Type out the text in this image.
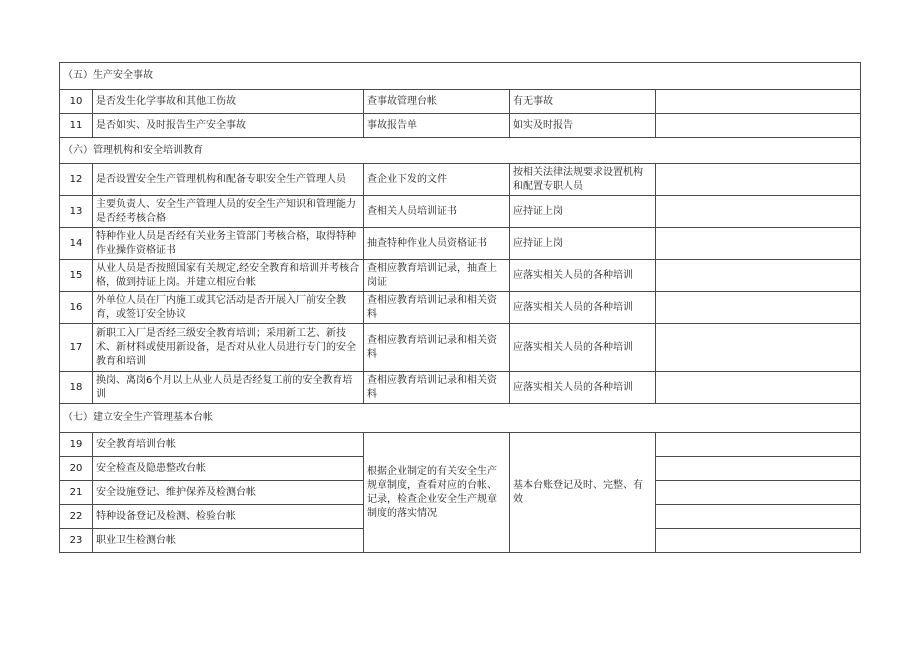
（五）生产安全事故				
10	是否发生化学事故和其他工伤故	查事故管理台帐	有无事故	
11	是否如实、及时报告生产安全事故	事故报告单	如实及时报告	
（六）管理机构和安全培训教育				
12	是否设置安全生产管理机构和配备专职安全生产管理人员	查企业下发的文件	按相关法律法规要求设置机构和配置专职人员	
13	主要负责人、安全生产管理人员的安全生产知识和管理能力是否经考核合格	查相关人员培训证书	应持证上岗	
14	特种作业人员是否经有关业务主管部门考核合格，取得特种作业操作资格证书	抽查特种作业人员资格证书	应持证上岗	
15	从业人员是否按照国家有关规定,经安全教育和培训并考核合格，做到持证上岗。并建立相应台帐	查相应教育培训记录，抽查上岗证	应落实相关人员的各种培训	
16	外单位人员在厂内施工或其它活动是否开展入厂前安全教育，或签订安全协议	查相应教育培训记录和相关资料	应落实相关人员的各种培训	
17	新职工入厂是否经三级安全教育培训；采用新工艺、新技术、新材料或使用新设备，是否对从业人员进行专门的安全教育和培训	查相应教育培训记录和相关资料	应落实相关人员的各种培训	
18	换岗、离岗6个月以上从业人员是否经复工前的安全教育培训	查相应教育培训记录和相关资料	应落实相关人员的各种培训	
（七）建立安全生产管理基本台帐				
19	安全教育培训台帐	根据企业制定的有关安全生产规章制度，查看对应的台帐、记录，检查企业安全生产规章制度的落实情况	基本台账登记及时、完整、有效	
20	安全检查及隐患整改台帐			
21	安全设施登记、维护保养及检测台帐			
22	特种设备登记及检测、检验台帐			
23	职业卫生检测台帐			
